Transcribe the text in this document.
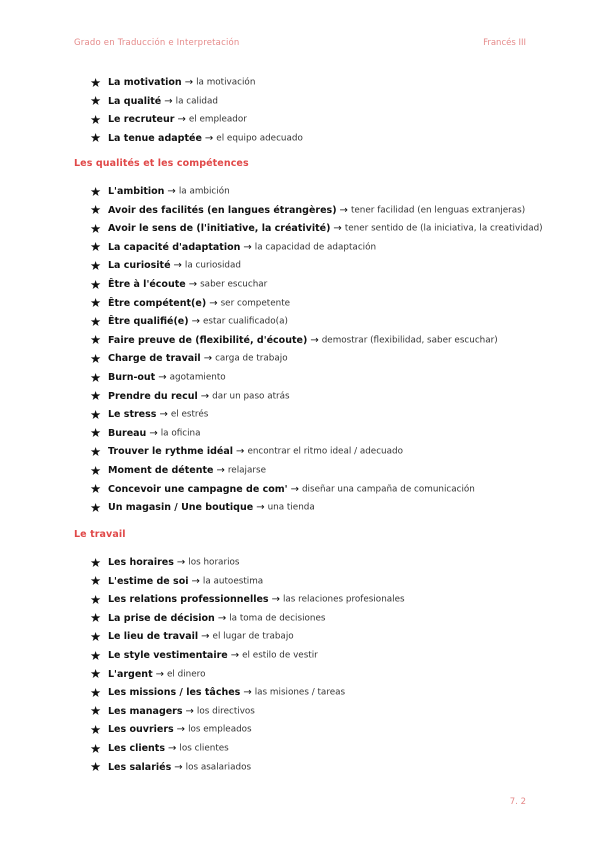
Grado en Traducción e Interpretación	Francés III
★ La motivation → la motivación
★ La qualité → la calidad
★ Le recruteur → el empleador
★ La tenue adaptée → el equipo adecuado
Les qualités et les compétences
★ L'ambition → la ambición
★ Avoir des facilités (en langues étrangères) → tener facilidad (en lenguas extranjeras)
★ Avoir le sens de (l'initiative, la créativité) → tener sentido de (la iniciativa, la creatividad)
★ La capacité d'adaptation → la capacidad de adaptación
★ La curiosité → la curiosidad
★ Être à l'écoute → saber escuchar
★ Être compétent(e) → ser competente
★ Être qualifié(e) → estar cualificado(a)
★ Faire preuve de (flexibilité, d'écoute) → demostrar (flexibilidad, saber escuchar)
★ Charge de travail → carga de trabajo
★ Burn-out → agotamiento
★ Prendre du recul → dar un paso atrás
★ Le stress → el estrés
★ Bureau → la oficina
★ Trouver le rythme idéal → encontrar el ritmo ideal / adecuado
★ Moment de détente → relajarse
★ Concevoir une campagne de com' → diseñar una campaña de comunicación
★ Un magasin / Une boutique → una tienda
Le travail
★ Les horaires → los horarios
★ L'estime de soi → la autoestima
★ Les relations professionnelles → las relaciones profesionales
★ La prise de décision → la toma de decisiones
★ Le lieu de travail → el lugar de trabajo
★ Le style vestimentaire → el estilo de vestir
★ L'argent → el dinero
★ Les missions / les tâches → las misiones / tareas
★ Les managers → los directivos
★ Les ouvriers → los empleados
★ Les clients → los clientes
★ Les salariés → los asalariados
7. 2
